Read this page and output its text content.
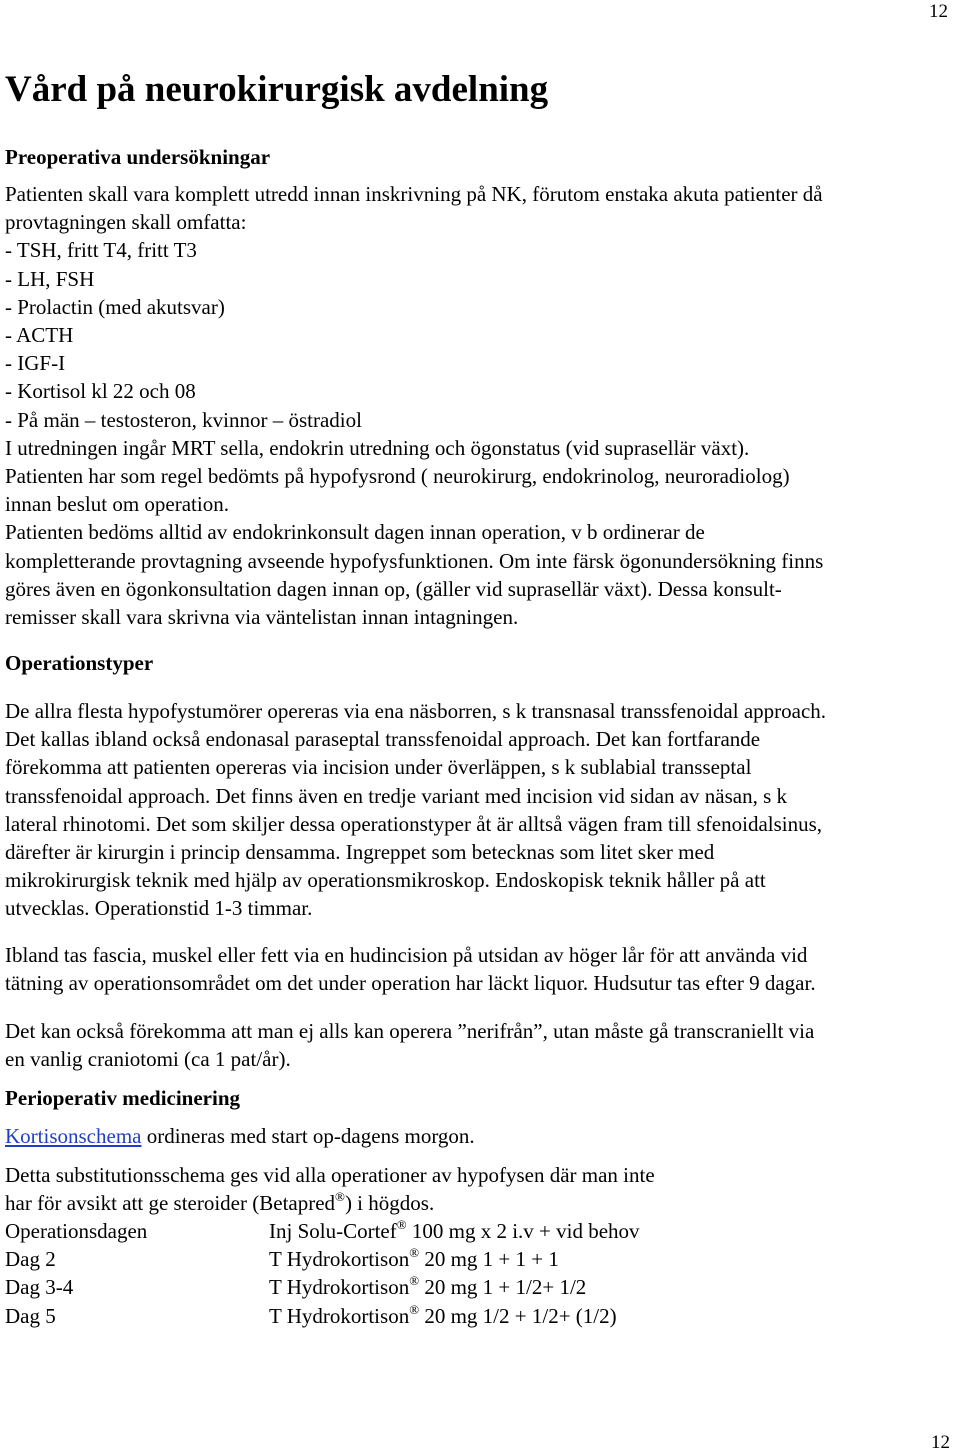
12
12
Vård på neurokirurgisk avdelning
Preoperativa undersökningar
Patienten skall vara komplett utredd innan inskrivning på NK, förutom enstaka akuta patienter då
provtagningen skall omfatta:
- TSH, fritt T4, fritt T3
- LH, FSH
- Prolactin (med akutsvar)
- ACTH
- IGF-I
- Kortisol kl 22 och 08
- På män – testosteron, kvinnor – östradiol
I utredningen ingår MRT sella, endokrin utredning och ögonstatus (vid suprasellär växt).
Patienten har som regel bedömts på hypofysrond ( neurokirurg, endokrinolog, neuroradiolog)
innan beslut om operation.
Patienten bedöms alltid av endokrinkonsult dagen innan operation, v b ordinerar de
kompletterande provtagning avseende hypofysfunktionen. Om inte färsk ögonundersökning finns
göres även en ögonkonsultation dagen innan op, (gäller vid suprasellär växt). Dessa konsult-
remisser skall vara skrivna via väntelistan innan intagningen.
Operationstyper
De allra flesta hypofystumörer opereras via ena näsborren, s k transnasal transsfenoidal approach.
Det kallas ibland också endonasal paraseptal transsfenoidal approach. Det kan fortfarande
förekomma att patienten opereras via incision under överläppen, s k sublabial transseptal
transsfenoidal approach. Det finns även en tredje variant med incision vid sidan av näsan, s k
lateral rhinotomi. Det som skiljer dessa operationstyper åt är alltså vägen fram till sfenoidalsinus,
därefter är kirurgin i princip densamma. Ingreppet som betecknas som litet sker med
mikrokirurgisk teknik med hjälp av operationsmikroskop. Endoskopisk teknik håller på att
utvecklas. Operationstid 1-3 timmar.
Ibland tas fascia, muskel eller fett via en hudincision på utsidan av höger lår för att använda vid
tätning av operationsområdet om det under operation har läckt liquor. Hudsutur tas efter 9 dagar.
Det kan också förekomma att man ej alls kan operera ”nerifrån”, utan måste gå transcraniellt via
en vanlig craniotomi (ca 1 pat/år).
Perioperativ medicinering
Kortisonschema ordineras med start op-dagens morgon.
Detta substitutionsschema ges vid alla operationer av hypofysen där man inte
har för avsikt att ge steroider (Betapred®) i högdos.
Operationsdagen	Inj Solu-Cortef® 100 mg x 2 i.v + vid behov
Dag 2	T Hydrokortison® 20 mg 1 + 1 + 1
Dag 3-4	T Hydrokortison® 20 mg 1 + 1/2+ 1/2
Dag 5	T Hydrokortison® 20 mg 1/2 + 1/2+ (1/2)
